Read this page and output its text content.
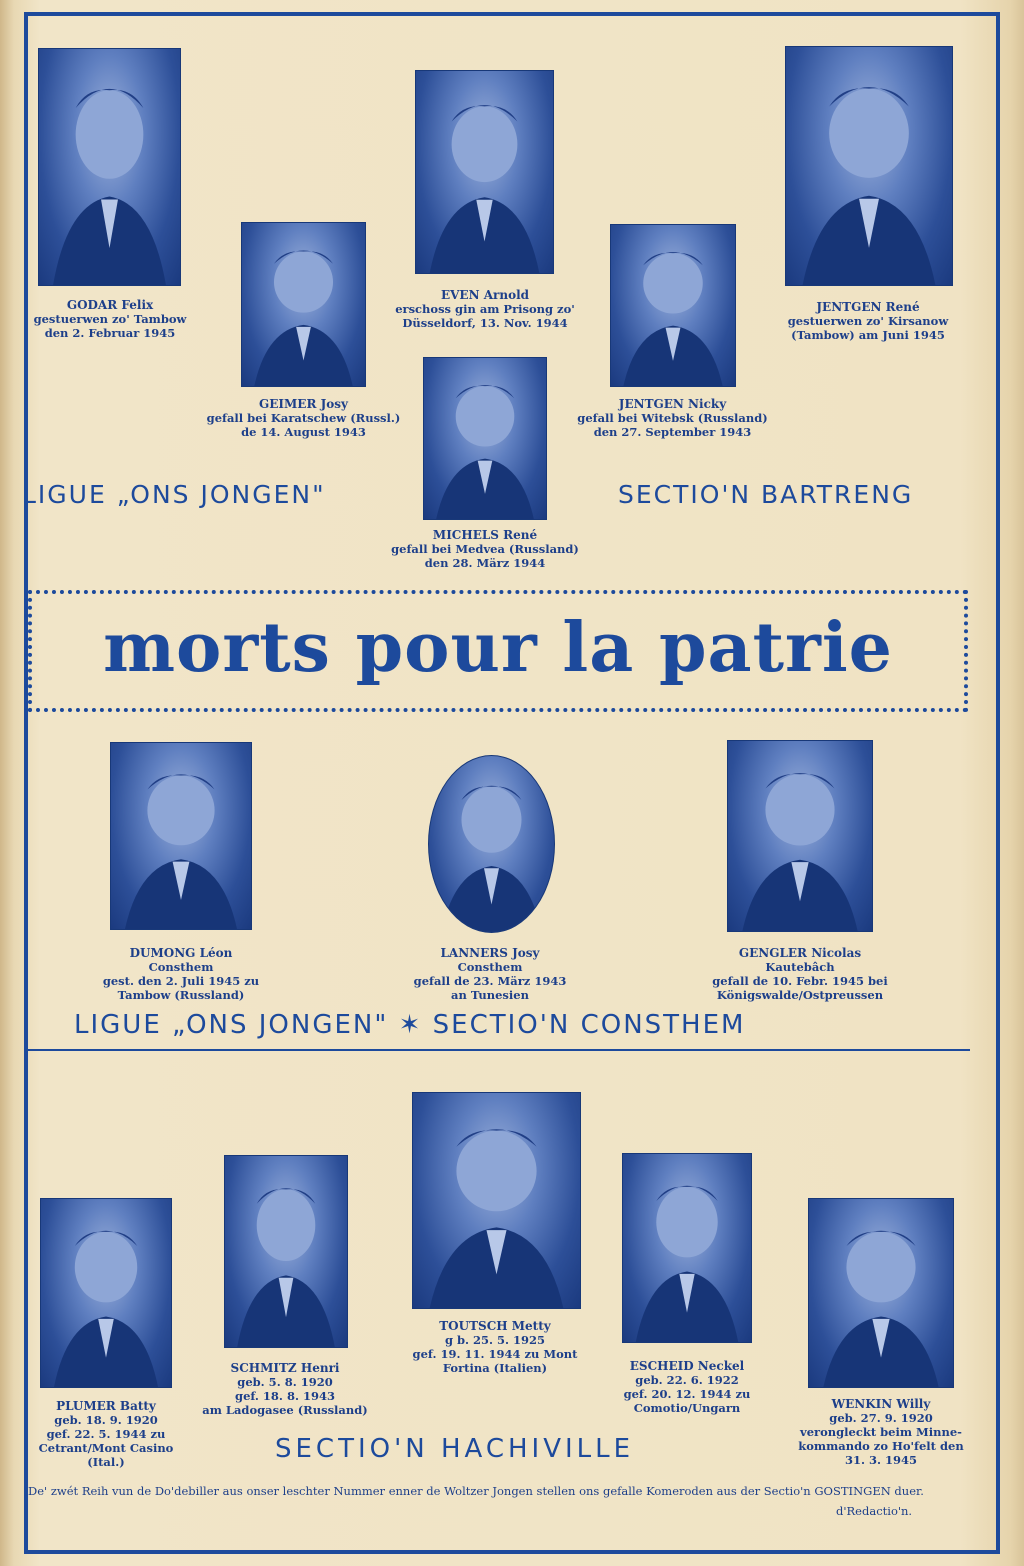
GODAR Felix
gestuerwen zo' Tambow
den 2. Februar 1945
GEIMER Josy
gefall bei Karatschew (Russl.)
de 14. August 1943
EVEN Arnold
erschoss gin am Prisong zo'
Düsseldorf, 13. Nov. 1944
JENTGEN Nicky
gefall bei Witebsk (Russland)
den 27. September 1943
JENTGEN René
gestuerwen zo' Kirsanow
(Tambow) am Juni 1945
MICHELS René
gefall bei Medvea (Russland)
den 28. März 1944
LIGUE „ONS JONGEN"	SECTIO'N BARTRENG
morts pour la patrie
DUMONG Léon
Consthem
gest. den 2. Juli 1945 zu
Tambow (Russland)
LANNERS Josy
Consthem
gefall de 23. März 1943
an Tunesien
GENGLER Nicolas
Kautebâch
gefall de 10. Febr. 1945 bei
Königswalde/Ostpreussen
LIGUE „ONS JONGEN" ✶ SECTIO'N CONSTHEM
PLUMER Batty
geb. 18. 9. 1920
gef. 22. 5. 1944 zu
Cetrant/Mont Casino (Ital.)
SCHMITZ Henri
geb. 5. 8. 1920
gef. 18. 8. 1943
am Ladogasee (Russland)
TOUTSCH Metty
g b. 25. 5. 1925
gef. 19. 11. 1944 zu Mont
Fortina (Italien)	ESCHEID Neckel
geb. 22. 6. 1922
gef. 20. 12. 1944 zu
Comotio/Ungarn	WENKIN Willy
geb. 27. 9. 1920
verongleckt beim Minne-
kommando zo Ho'felt den
31. 3. 1945
SECTIO'N HACHIVILLE
De' zwét Reih vun de Do'debiller aus onser leschter Nummer enner de Woltzer Jongen stellen ons gefalle Komeroden aus der Sectio'n GOSTINGEN duer.
d'Redactio'n.
